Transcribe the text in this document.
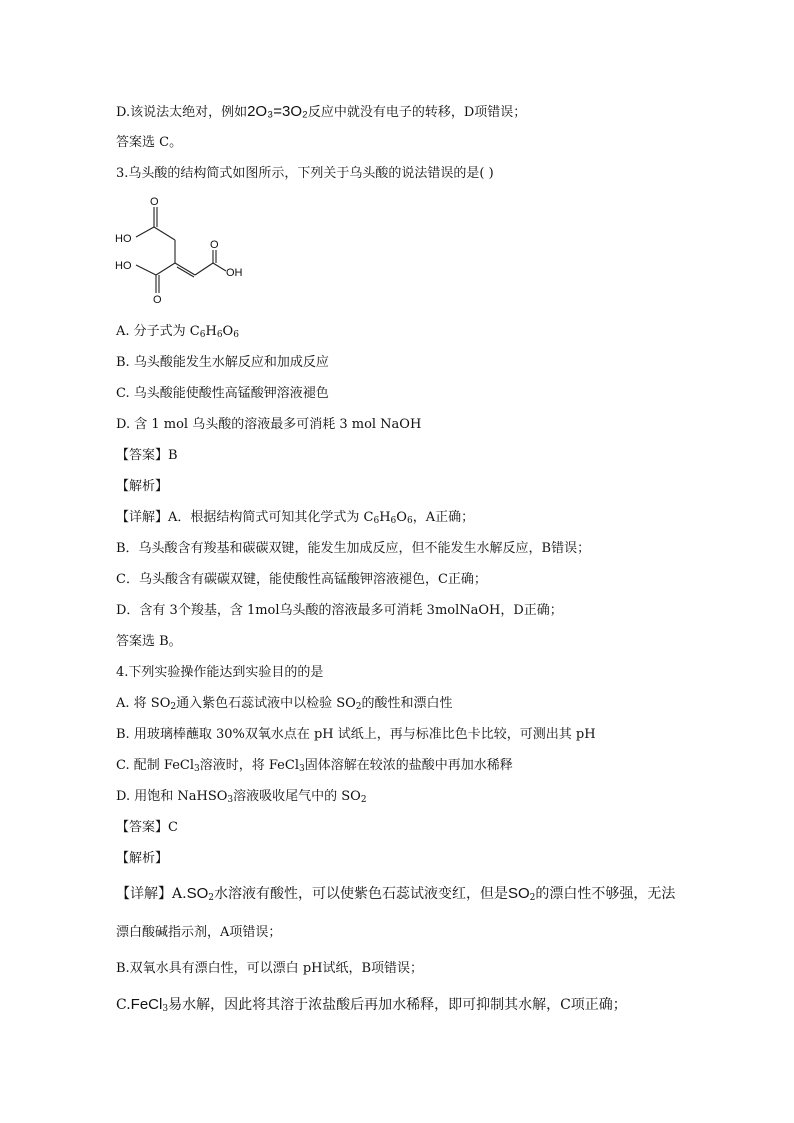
D.该说法太绝对，例如2O₃=3O₂反应中就没有电子的转移，D项错误；

答案选 C。

3.乌头酸的结构简式如图所示，下列关于乌头酸的说法错误的是( )

O
HO	O
HO
OH
O

A. 分子式为 $C_6H_6O_6$

B. 乌头酸能发生水解反应和加成反应

C. 乌头酸能使酸性高锰酸钾溶液褪色

D. 含 1 mol 乌头酸的溶液最多可消耗 3 mol NaOH

【答案】B

【解析】

【详解】A．根据结构简式可知其化学式为 $C_6H_6O_6$，A正确；

B．乌头酸含有羧基和碳碳双键，能发生加成反应，但不能发生水解反应，B错误；

C．乌头酸含有碳碳双键，能使酸性高锰酸钾溶液褪色，C正确；

D．含有 3个羧基，含 1mol乌头酸的溶液最多可消耗 3molNaOH，D正确；

答案选 B。

4.下列实验操作能达到实验目的的是

A. 将 $SO_2$通入紫色石蕊试液中以检验 $SO_2$的酸性和漂白性

B. 用玻璃棒蘸取 30%双氧水点在 pH 试纸上，再与标准比色卡比较，可测出其 pH

C. 配制 FeCl$_3$溶液时，将 FeCl$_3$固体溶解在较浓的盐酸中再加水稀释

D. 用饱和 NaHSO$_3$溶液吸收尾气中的 $SO_2$

【答案】C

【解析】

【详解】$A.SO_2$水溶液有酸性，可以使紫色石蕊试液变红，但是$SO_2$的漂白性不够强，无法

漂白酸碱指示剂，A项错误；

B.双氧水具有漂白性，可以漂白 pH试纸，B项错误；

C.FeCl$_3$易水解，因此将其溶于浓盐酸后再加水稀释，即可抑制其水解，C项正确；
